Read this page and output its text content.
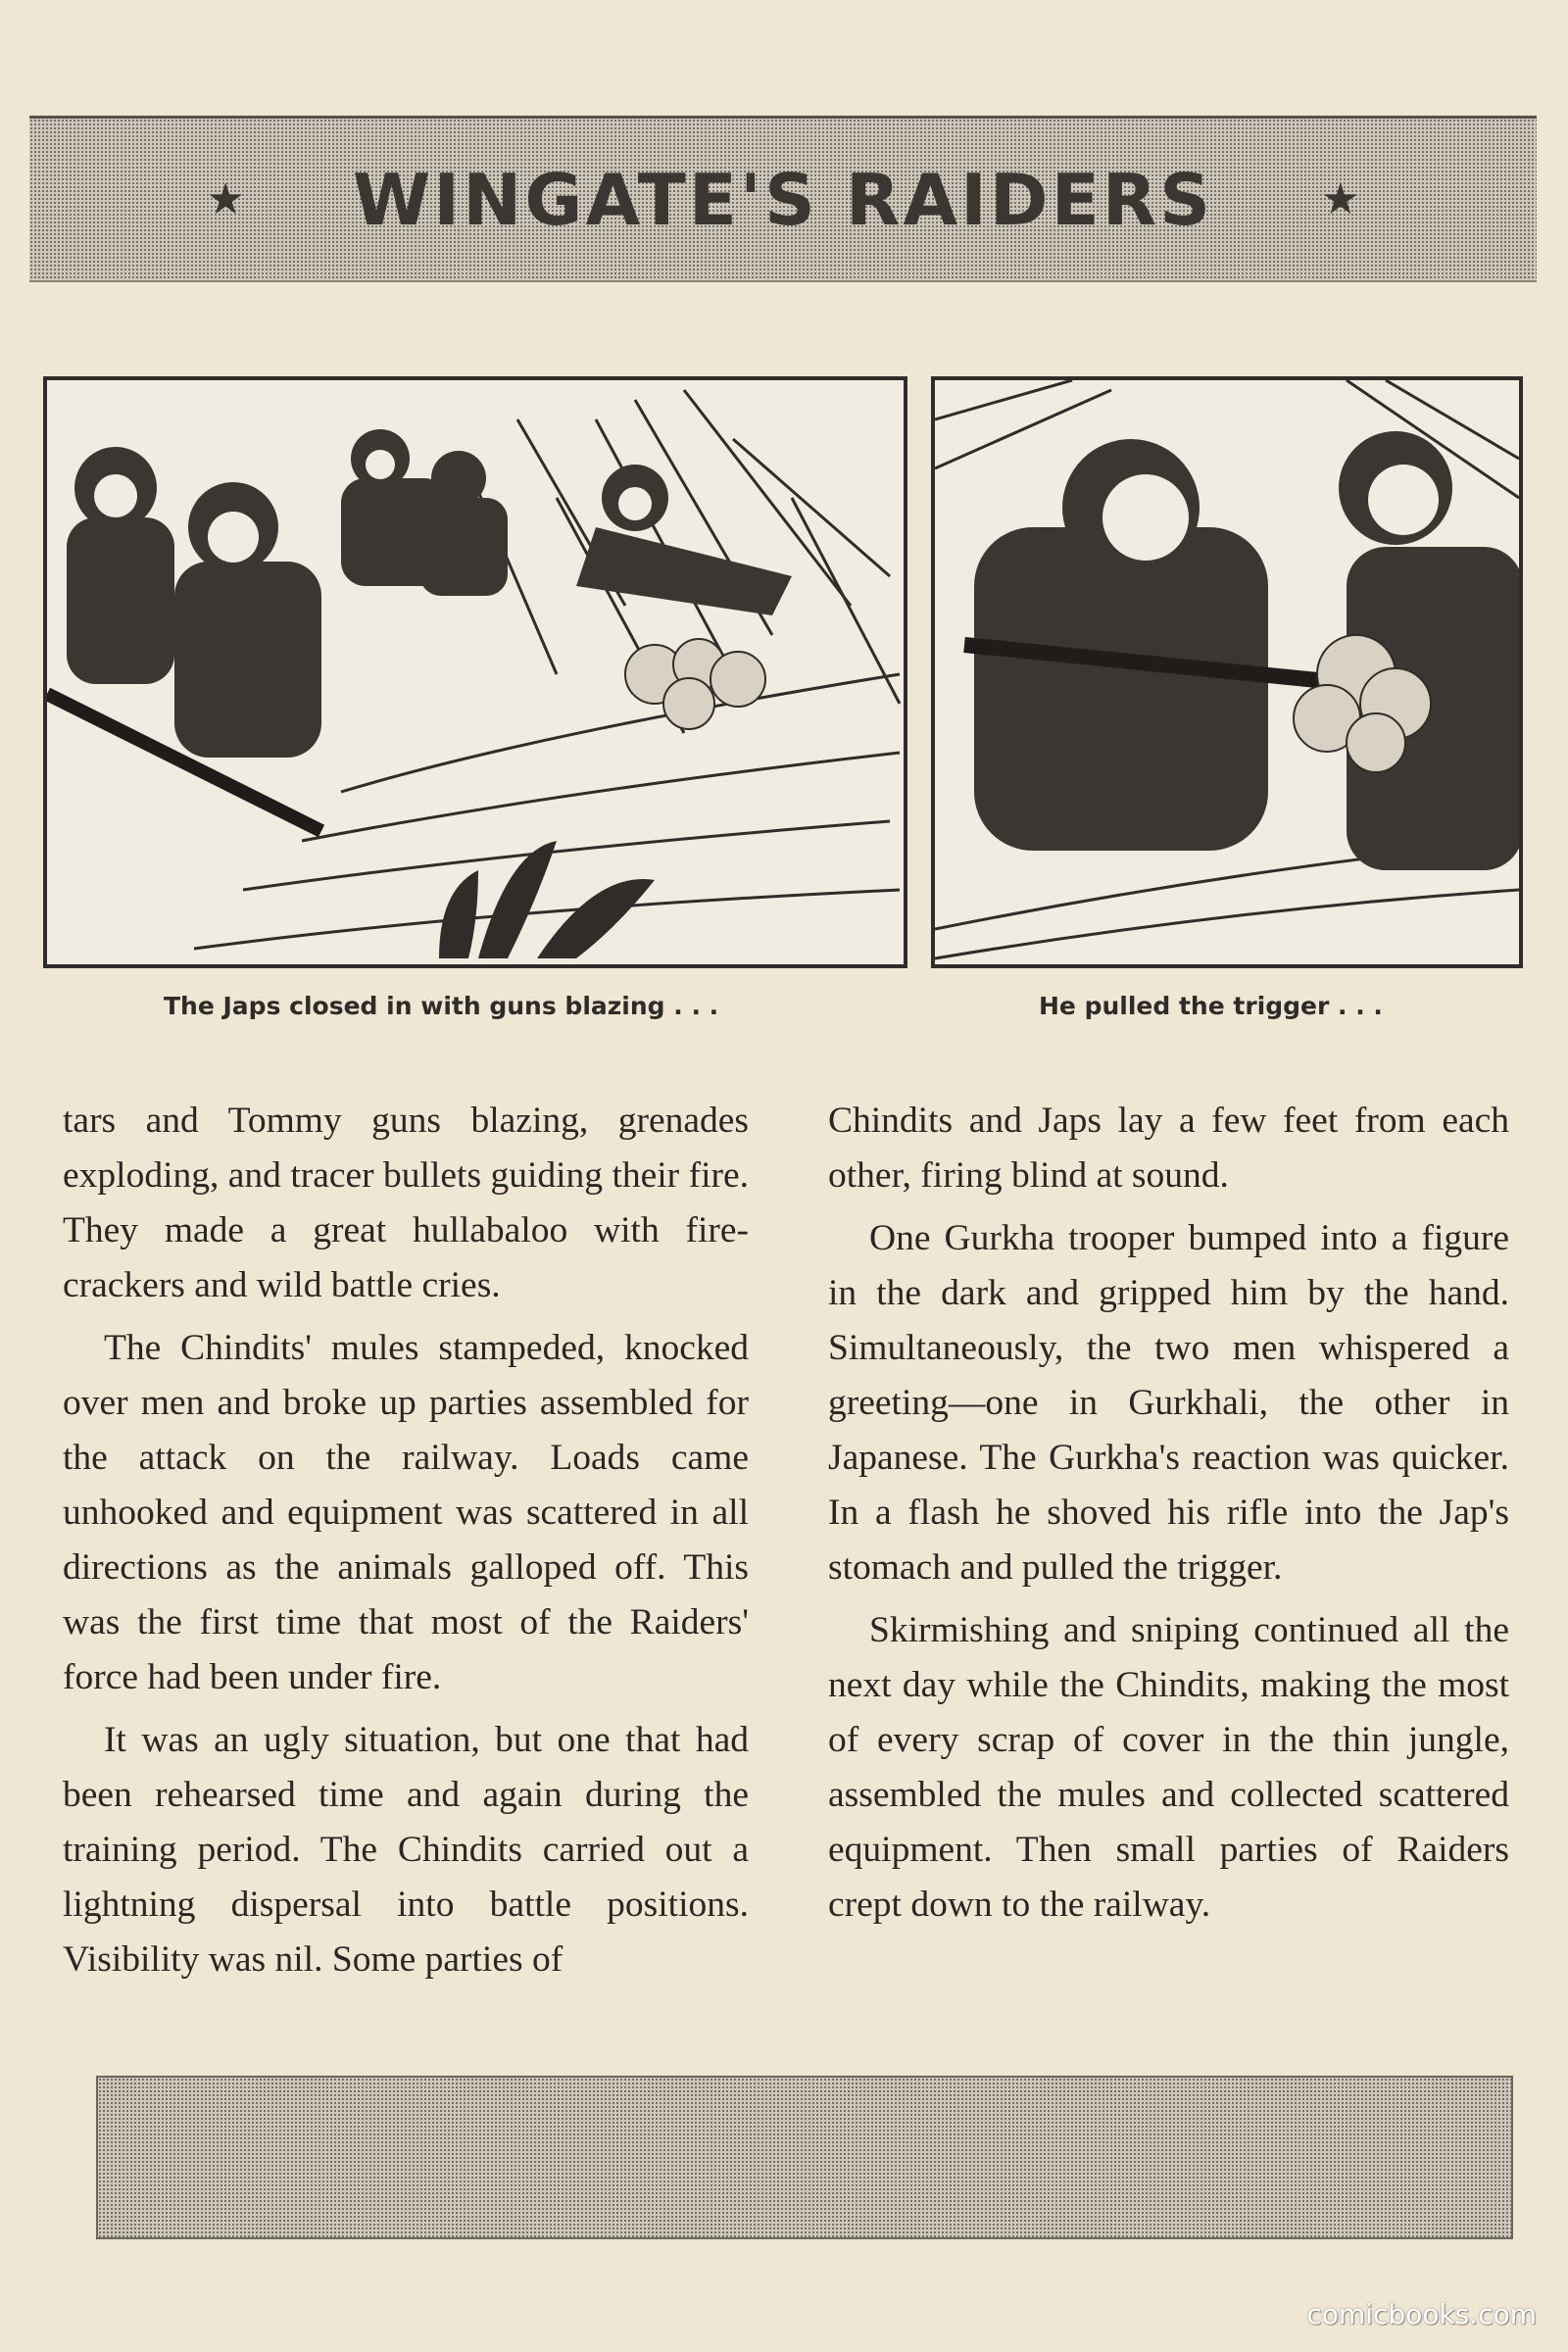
★ WINGATE'S RAIDERS	★
The Japs closed in with guns blazing . . .	He pulled the trigger . . .

tars and Tommy guns blazing, grenades exploding, and tracer bullets guiding their fire. They made a great hullabaloo with fire-crackers and wild battle cries.

The Chindits' mules stampeded, knocked over men and broke up parties assembled for the attack on the railway. Loads came unhooked and equipment was scattered in all directions as the animals galloped off. This was the first time that most of the Raiders' force had been under fire.

It was an ugly situation, but one that had been rehearsed time and again during the training period. The Chindits carried out a lightning dispersal into battle positions. Visibility was nil. Some parties of

Chindits and Japs lay a few feet from each other, firing blind at sound.

One Gurkha trooper bumped into a figure in the dark and gripped him by the hand. Simultaneously, the two men whispered a greeting—one in Gurkhali, the other in Japanese. The Gurkha's reaction was quicker. In a flash he shoved his rifle into the Jap's stomach and pulled the trigger.

Skirmishing and sniping continued all the next day while the Chindits, making the most of every scrap of cover in the thin jungle, assembled the mules and collected scattered equipment. Then small parties of Raiders crept down to the railway.

comicbooks.com
